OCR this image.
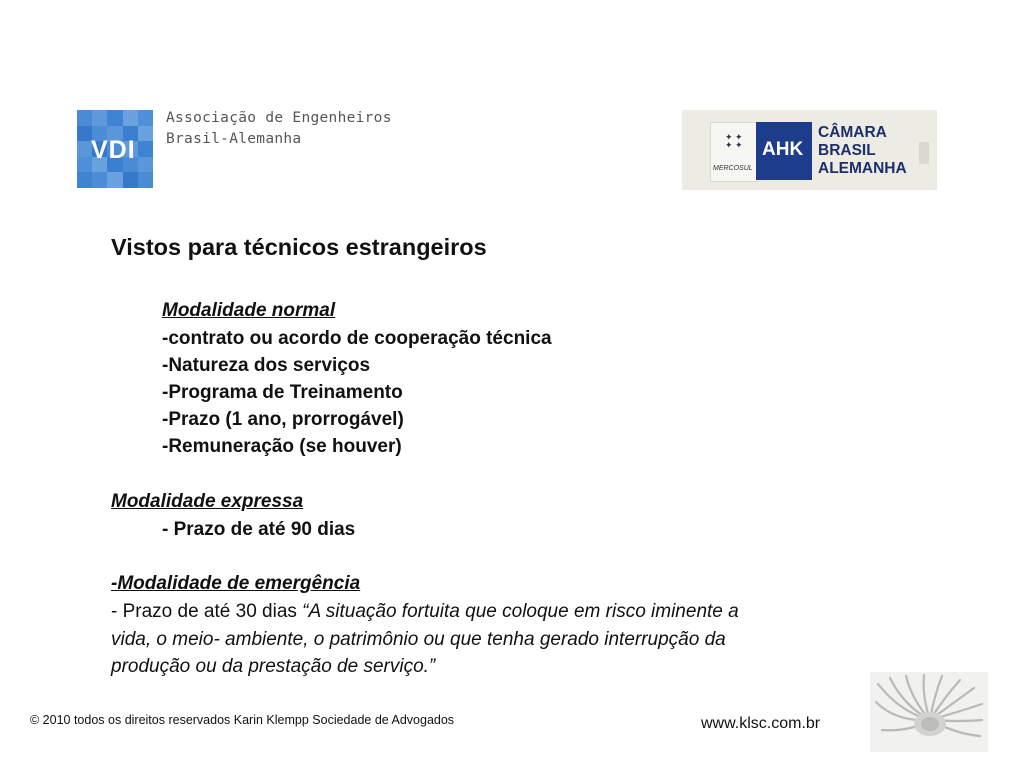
VDI
Associação de Engenheiros
Brasil-Alemanha	✦ ✦
✦ ✦
MERCOSUL
AHK
CÂMARA
BRASIL
ALEMANHA
Vistos para técnicos estrangeiros
Modalidade normal
-contrato ou acordo de cooperação técnica
-Natureza dos serviços
-Programa de Treinamento
-Prazo (1 ano, prorrogável)
-Remuneração (se houver)
Modalidade expressa
- Prazo de até 90 dias
-Modalidade de emergência
- Prazo de até 30 dias “A situação fortuita que coloque em risco iminente a
vida, o meio- ambiente, o patrimônio ou que tenha gerado interrupção da
produção ou da prestação de serviço.”
© 2010 todos os direitos reservados Karin Klempp Sociedade de Advogados	www.klsc.com.br
